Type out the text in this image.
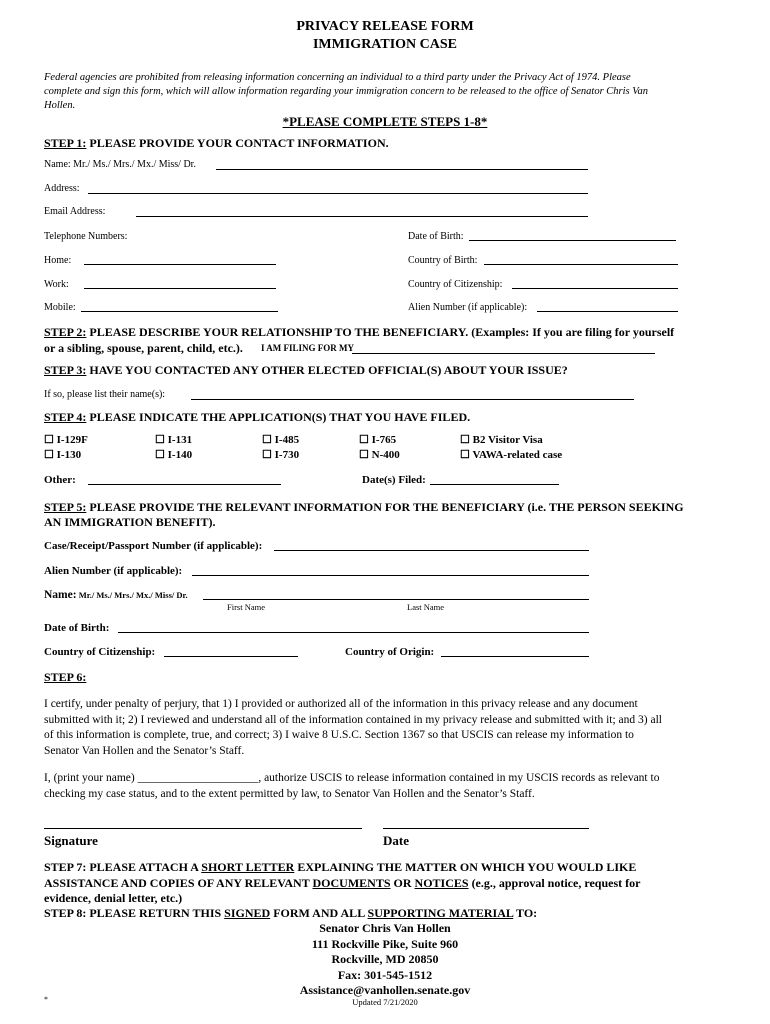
PRIVACY RELEASE FORM
IMMIGRATION CASE
Federal agencies are prohibited from releasing information concerning an individual to a third party under the Privacy Act of 1974. Please
complete and sign this form, which will allow information regarding your immigration concern to be released to the office of Senator Chris Van
Hollen.
*PLEASE COMPLETE STEPS 1-8*
STEP 1: PLEASE PROVIDE YOUR CONTACT INFORMATION.
Name: Mr./ Ms./ Mrs./ Mx./ Miss/ Dr.
Address:
Email Address:
Telephone Numbers:	Date of Birth:
Home:	Country of Birth:
Work:	Country of Citizenship:
Mobile:	Alien Number (if applicable):
STEP 2: PLEASE DESCRIBE YOUR RELATIONSHIP TO THE BENEFICIARY. (Examples: If you are filing for yourself
or a sibling, spouse, parent, child, etc.). I AM FILING FOR MY
STEP 3: HAVE YOU CONTACTED ANY OTHER ELECTED OFFICIAL(S) ABOUT YOUR ISSUE?
If so, please list their name(s):
STEP 4: PLEASE INDICATE THE APPLICATION(S) THAT YOU HAVE FILED.
☐ I-129F	☐ I-131	☐ I-485	☐ I-765	☐ B2 Visitor Visa
☐ I-130	☐ I-140	☐ I-730	☐ N-400	☐ VAWA-related case
Other:	Date(s) Filed:
STEP 5: PLEASE PROVIDE THE RELEVANT INFORMATION FOR THE BENEFICIARY (i.e. THE PERSON SEEKING
AN IMMIGRATION BENEFIT).
Case/Receipt/Passport Number (if applicable):
Alien Number (if applicable):
Name: Mr./ Ms./ Mrs./ Mx./ Miss/ Dr.
First Name	Last Name
Date of Birth:
Country of Citizenship:	Country of Origin:
STEP 6:
I certify, under penalty of perjury, that 1) I provided or authorized all of the information in this privacy release and any document
submitted with it; 2) I reviewed and understand all of the information contained in my privacy release and submitted with it; and 3) all
of this information is complete, true, and correct; 3) I waive 8 U.S.C. Section 1367 so that USCIS can release my information to
Senator Van Hollen and the Senator’s Staff.
I, (print your name) _____________________, authorize USCIS to release information contained in my USCIS records as relevant to
checking my case status, and to the extent permitted by law, to Senator Van Hollen and the Senator’s Staff.
Signature	Date
STEP 7: PLEASE ATTACH A SHORT LETTER EXPLAINING THE MATTER ON WHICH YOU WOULD LIKE
ASSISTANCE AND COPIES OF ANY RELEVANT DOCUMENTS OR NOTICES (e.g., approval notice, request for
evidence, denial letter, etc.)
STEP 8: PLEASE RETURN THIS SIGNED FORM AND ALL SUPPORTING MATERIAL TO:
Senator Chris Van Hollen
111 Rockville Pike, Suite 960
Rockville, MD 20850
Fax: 301-545-1512
Assistance@vanhollen.senate.gov
*	Updated 7/21/2020
